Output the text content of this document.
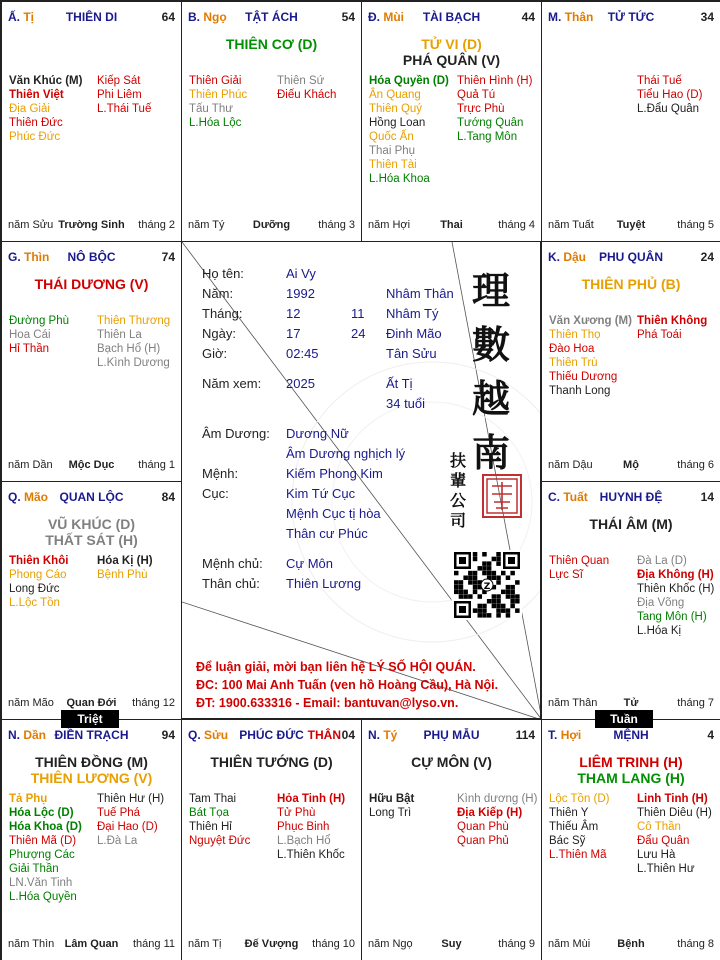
THIÊN DI
Ấ. Tị	64
Văn Khúc (M)
Thiên Việt
Địa Giải
Thiên Đức
Phúc Đức
Kiếp Sát
Phi Liêm
L.Thái Tuế
Trường Sinh
năm Sửu	tháng 2
TẬT ÁCH
B. Ngọ	54
THIÊN CƠ (D)
Thiên Giải
Thiên Phúc
Tấu Thư
L.Hóa Lộc
Thiên Sứ
Điếu Khách
Dưỡng
năm Tý	tháng 3
TÀI BẠCH
Đ. Mùi	44
TỬ VI (D)
PHÁ QUÂN (V)
Hóa Quyền (D)
Ân Quang
Thiên Quý
Hồng Loan
Quốc Ấn
Thai Phụ
Thiên Tài
L.Hóa Khoa
Thiên Hình (H)
Quả Tú
Trực Phù
Tướng Quân
L.Tang Môn
Thai
năm Hợi	tháng 4
TỬ TỨC
M. Thân	34
Thái Tuế
Tiểu Hao (D)
L.Đẩu Quân
Tuyệt
năm Tuất	tháng 5
NÔ BỘC
G. Thìn	74
THÁI DƯƠNG (V)
Đường Phù
Hoa Cái
Hỉ Thần
Thiên Thương
Thiên La
Bạch Hổ (H)
L.Kình Dương
Mộc Dục
năm Dần	tháng 1
PHU QUÂN
K. Dậu	24
THIÊN PHỦ (B)
Văn Xương (M)
Thiên Thọ
Đào Hoa
Thiên Trù
Thiếu Dương
Thanh Long
Thiên Không
Phá Toái
Mộ
năm Dậu	tháng 6
QUAN LỘC
Q. Mão	84
VŨ KHÚC (D)
THẤT SÁT (H)
Thiên Khôi
Phong Cáo
Long Đức
L.Lộc Tồn
Hóa Kị (H)
Bệnh Phù
Quan Đới
năm Mão	tháng 12
HUYNH ĐỆ
C. Tuất	14
THÁI ÂM (M)
Thiên Quan
Lực Sĩ
Đà La (D)
Địa Không (H)
Thiên Khốc (H)
Địa Võng
Tang Môn (H)
L.Hóa Kị
Tử
năm Thân	tháng 7
ĐIỀN TRẠCH
N. Dần	94
THIÊN ĐỒNG (M)
THIÊN LƯƠNG (V)
Tả Phụ
Hóa Lộc (D)
Hóa Khoa (D)
Thiên Mã (D)
Phượng Các
Giải Thần
LN.Văn Tinh
L.Hóa Quyền
Thiên Hư (H)
Tuế Phá
Đại Hao (D)
L.Đà La
Lâm Quan
năm Thìn	tháng 11
PHÚC ĐỨC
Q. Sửu	04
THÂN
THIÊN TƯỚNG (D)
Tam Thai
Bát Tọa
Thiên Hỉ
Nguyệt Đức
Hỏa Tinh (H)
Tử Phù
Phục Binh
L.Bạch Hổ
L.Thiên Khốc
Đế Vượng
năm Tị	tháng 10
PHỤ MẪU
N. Tý	114
CỰ MÔN (V)
Hữu Bật
Long Trì
Kình dương (H)
Địa Kiếp (H)
Quan Phù
Quan Phủ
Suy
năm Ngọ	tháng 9
MỆNH
T. Hợi	4
LIÊM TRINH (H)
THAM LANG (H)
Lộc Tồn (D)
Thiên Y
Thiếu Âm
Bác Sỹ
L.Thiên Mã
Linh Tinh (H)
Thiên Diêu (H)
Cô Thần
Đẩu Quân
Lưu Hà
L.Thiên Hư
Bệnh
năm Mùi	tháng 8
Họ tên:	Ai Vy
Năm:	1992	Nhâm Thân
Tháng:	12	11 Nhâm Tý
Ngày:	17	24 Đinh Mão
Giờ:	02:45	Tân Sửu
Năm xem: 2025	Ất Tị
34 tuổi
Âm Dương: Dương Nữ
Âm Dương nghịch lý
Mệnh:	Kiếm Phong Kim
Cục:	Kim Tứ Cục
Mệnh Cục tị hòa
Thân cư Phúc
Mệnh chủ: Cự Môn
Thân chủ: Thiên Lương
理
數
越
南
扶
輩
公
司
Z
Để luận giải, mời bạn liên hệ LÝ SỐ HỘI QUÁN.
ĐC: 100 Mai Anh Tuấn (ven hồ Hoàng Cầu), Hà Nội.
ĐT: 1900.633316 - Email: bantuvan@lyso.vn.
Triệt	Tuần
